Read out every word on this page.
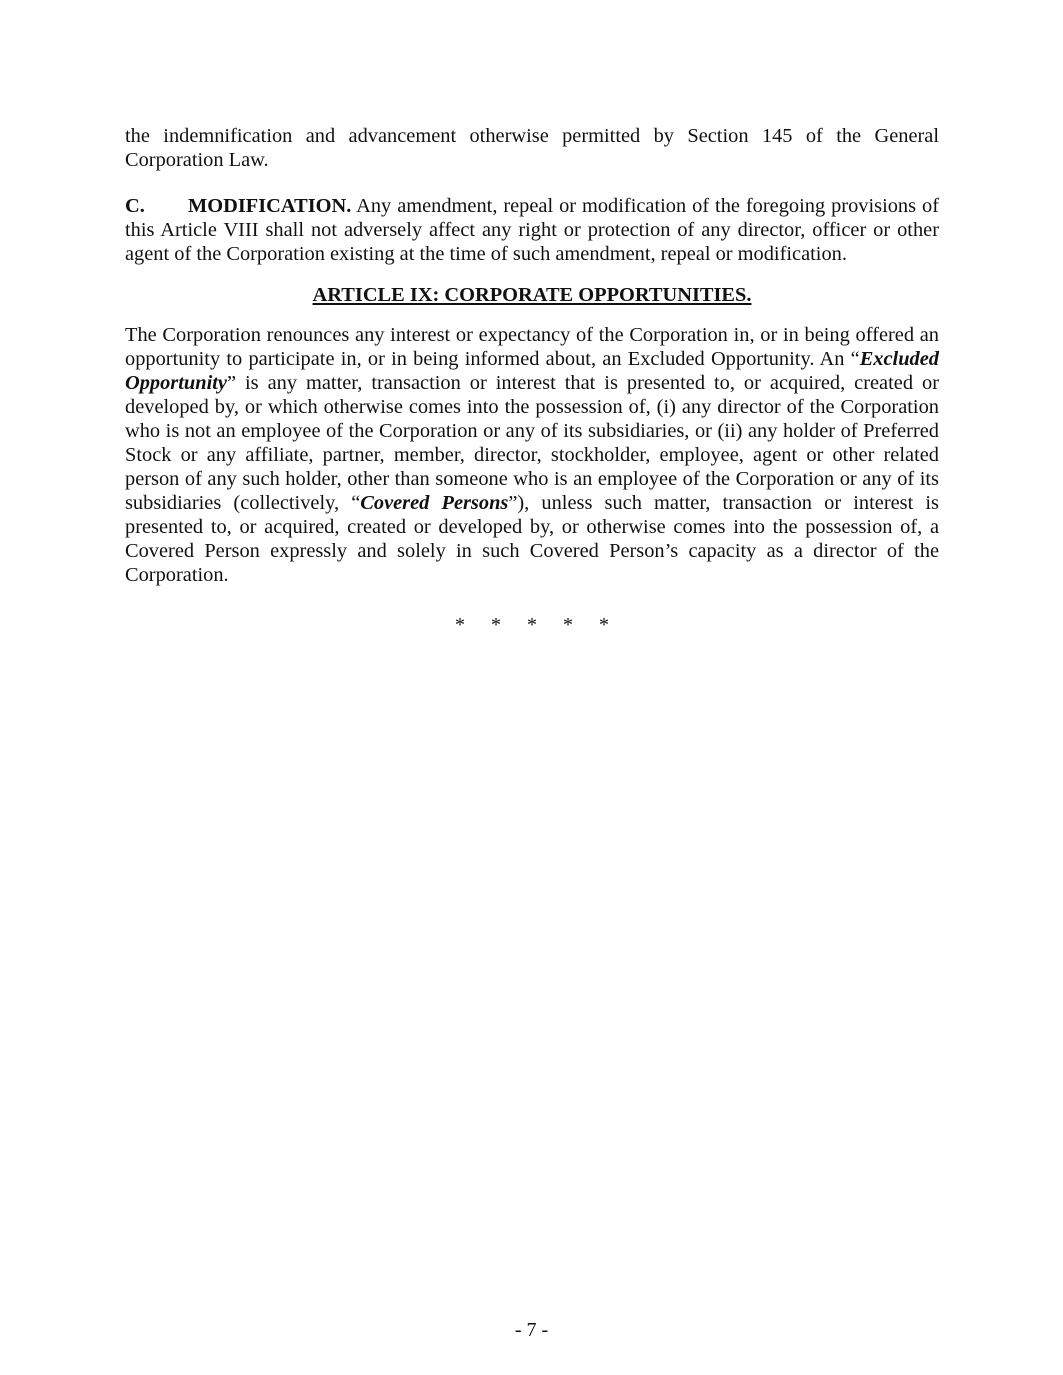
the indemnification and advancement otherwise permitted by Section 145 of the General Corporation Law.

C. MODIFICATION. Any amendment, repeal or modification of the foregoing provisions of this Article VIII shall not adversely affect any right or protection of any director, officer or other agent of the Corporation existing at the time of such amendment, repeal or modification.

ARTICLE IX: CORPORATE OPPORTUNITIES.

The Corporation renounces any interest or expectancy of the Corporation in, or in being offered an opportunity to participate in, or in being informed about, an Excluded Opportunity. An “Excluded Opportunity” is any matter, transaction or interest that is presented to, or acquired, created or developed by, or which otherwise comes into the possession of, (i) any director of the Corporation who is not an employee of the Corporation or any of its subsidiaries, or (ii) any holder of Preferred Stock or any affiliate, partner, member, director, stockholder, employee, agent or other related person of any such holder, other than someone who is an employee of the Corporation or any of its subsidiaries (collectively, “Covered Persons”), unless such matter, transaction or interest is presented to, or acquired, created or developed by, or otherwise comes into the possession of, a Covered Person expressly and solely in such Covered Person’s capacity as a director of the Corporation.

* * * * *
- 7 -
